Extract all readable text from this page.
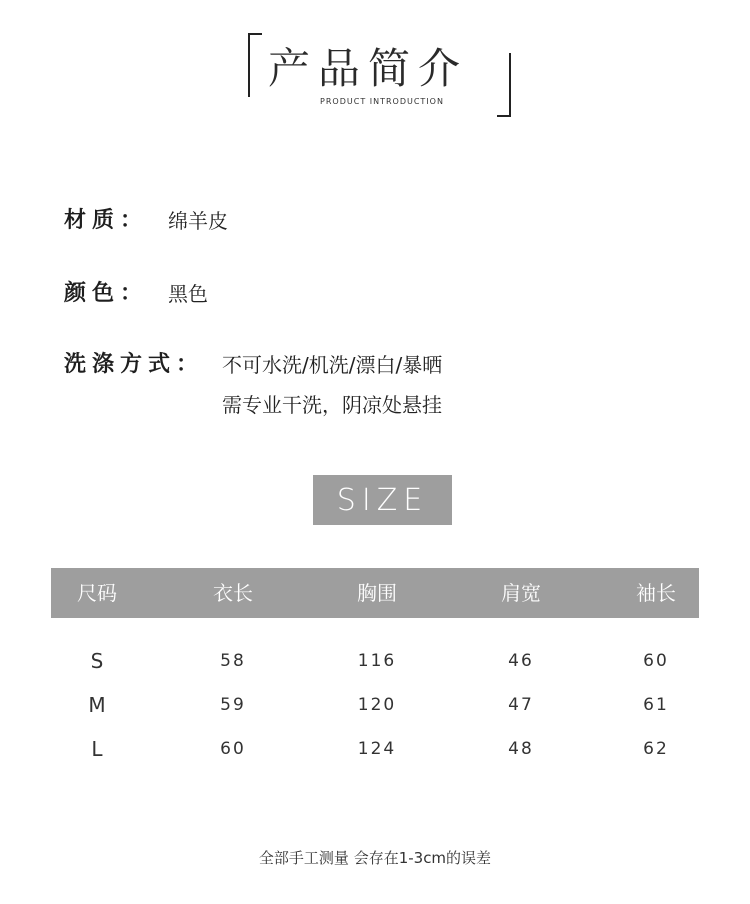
产品简介
PRODUCT INTRODUCTION
材质： 绵羊皮
颜色： 黑色
洗涤方式： 不可水洗/机洗/漂白/暴晒
需专业干洗，阴凉处悬挂
SIZE
尺码	衣长	胸围	肩宽	袖长
S	58	116	46	60
M	59	120	47	61
L	60	124	48	62
全部手工测量 会存在1-3cm的误差
